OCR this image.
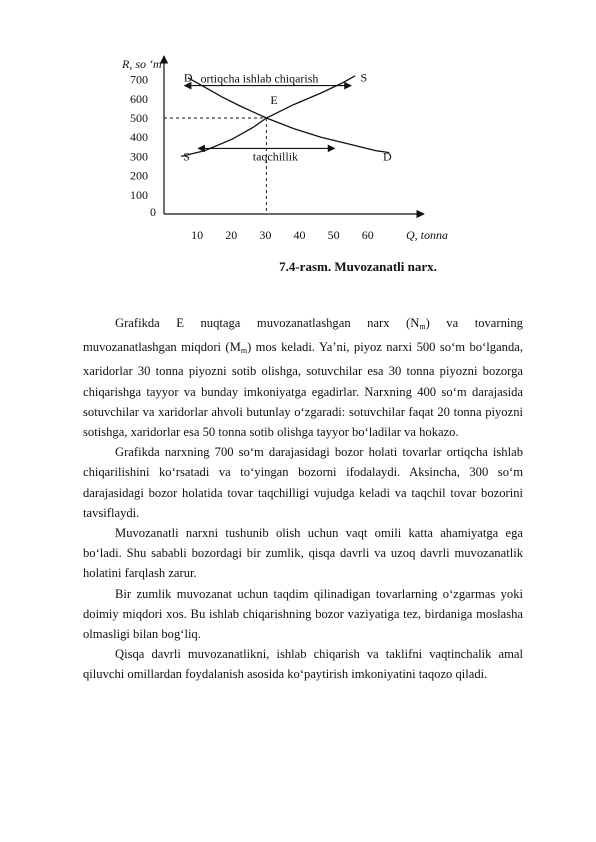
R, so ‘m
Q, tonna
0
100
200
300
400
500
600
700
10 20 30 40 50 60
E
ortiqcha ishlab chiqarish
taqchillik
D	S
S	D
7.4-rasm. Muvozanatli narx.

Grafikda E nuqtaga muvozanatlashgan narx $(N_m)$ va tovarning muvozanatlashgan miqdori $(M_m)$ mos keladi. Ya’ni, piyoz narxi 500 so‘m bo‘lganda, xaridorlar 30 tonna piyozni sotib olishga, sotuvchilar esa 30 tonna piyozni bozorga chiqarishga tayyor va bunday imkoniyatga egadirlar. Narxning 400 so‘m darajasida sotuvchilar va xaridorlar ahvoli butunlay o‘zgaradi: sotuvchilar faqat 20 tonna piyozni sotishga, xaridorlar esa 50 tonna sotib olishga tayyor bo‘ladilar va hokazo.

Grafikda narxning 700 so‘m darajasidagi bozor holati tovarlar ortiqcha ishlab chiqarilishini ko‘rsatadi va to‘yingan bozorni ifodalaydi. Aksincha, 300 so‘m darajasidagi bozor holatida tovar taqchilligi vujudga keladi va taqchil tovar bozorini tavsiflaydi.

Muvozanatli narxni tushunib olish uchun vaqt omili katta ahamiyatga ega bo‘ladi. Shu sababli bozordagi bir zumlik, qisqa davrli va uzoq davrli muvozanatlik holatini farqlash zarur.

Bir zumlik muvozanat uchun taqdim qilinadigan tovarlarning o‘zgarmas yoki doimiy miqdori xos. Bu ishlab chiqarishning bozor vaziyatiga tez, birdaniga moslasha olmasligi bilan bog‘liq.

Qisqa davrli muvozanatlikni, ishlab chiqarish va taklifni vaqtinchalik amal qiluvchi omillardan foydalanish asosida ko‘paytirish imkoniyatini taqozo qiladi.
